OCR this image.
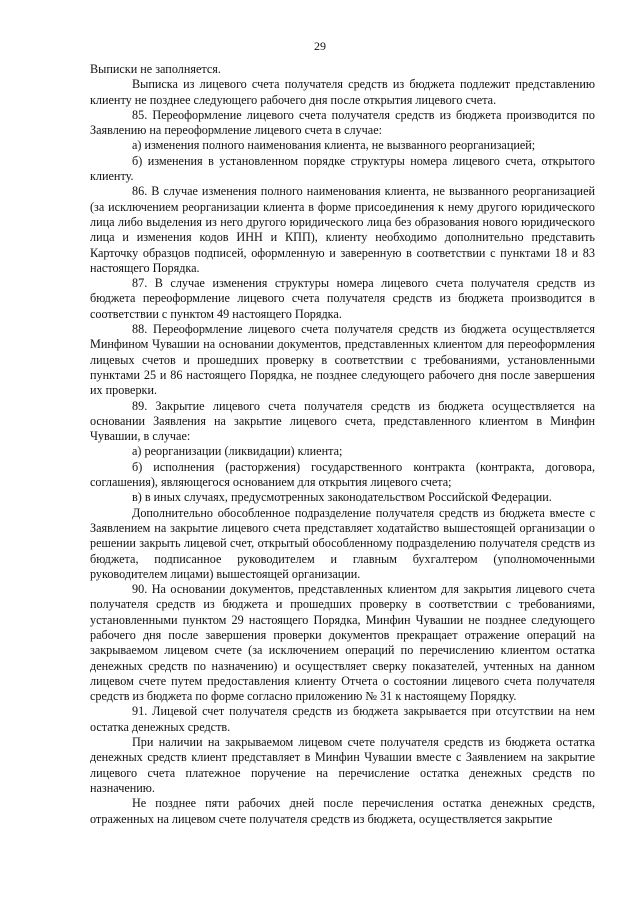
29

Выписки не заполняется.

Выписка из лицевого счета получателя средств из бюджета подлежит представлению клиенту не позднее следующего рабочего дня после открытия лицевого счета.

85. Переоформление лицевого счета получателя средств из бюджета производится по Заявлению на переоформление лицевого счета в случае:

а) изменения полного наименования клиента, не вызванного реорганизацией;

б) изменения в установленном порядке структуры номера лицевого счета, открытого клиенту.

86. В случае изменения полного наименования клиента, не вызванного реорганизацией (за исключением реорганизации клиента в форме присоединения к нему другого юридического лица либо выделения из него другого юридического лица без образования нового юридического лица и изменения кодов ИНН и КПП), клиенту необходимо дополнительно представить Карточку образцов подписей, оформленную и заверенную в соответствии с пунктами 18 и 83 настоящего Порядка.

87. В случае изменения структуры номера лицевого счета получателя средств из бюджета переоформление лицевого счета получателя средств из бюджета производится в соответствии с пунктом 49 настоящего Порядка.

88. Переоформление лицевого счета получателя средств из бюджета осуществляется Минфином Чувашии на основании документов, представленных клиентом для переоформления лицевых счетов и прошедших проверку в соответствии с требованиями, установленными пунктами 25 и 86 настоящего Порядка, не позднее следующего рабочего дня после завершения их проверки.

89. Закрытие лицевого счета получателя средств из бюджета осуществляется на основании Заявления на закрытие лицевого счета, представленного клиентом в Минфин Чувашии, в случае:

а) реорганизации (ликвидации) клиента;

б) исполнения (расторжения) государственного контракта (контракта, договора, соглашения), являющегося основанием для открытия лицевого счета;

в) в иных случаях, предусмотренных законодательством Российской Федерации.

Дополнительно обособленное подразделение получателя средств из бюджета вместе с Заявлением на закрытие лицевого счета представляет ходатайство вышестоящей организации о решении закрыть лицевой счет, открытый обособленному подразделению получателя средств из бюджета, подписанное руководителем и главным бухгалтером (уполномоченными руководителем лицами) вышестоящей организации.

90. На основании документов, представленных клиентом для закрытия лицевого счета получателя средств из бюджета и прошедших проверку в соответствии с требованиями, установленными пунктом 29 настоящего Порядка, Минфин Чувашии не позднее следующего рабочего дня после завершения проверки документов прекращает отражение операций на закрываемом лицевом счете (за исключением операций по перечислению клиентом остатка денежных средств по назначению) и осуществляет сверку показателей, учтенных на данном лицевом счете путем предоставления клиенту Отчета о состоянии лицевого счета получателя средств из бюджета по форме согласно приложению № 31 к настоящему Порядку.

91. Лицевой счет получателя средств из бюджета закрывается при отсутствии на нем остатка денежных средств.

При наличии на закрываемом лицевом счете получателя средств из бюджета остатка денежных средств клиент представляет в Минфин Чувашии вместе с Заявлением на закрытие лицевого счета платежное поручение на перечисление остатка денежных средств по назначению.

Не позднее пяти рабочих дней после перечисления остатка денежных средств, отраженных на лицевом счете получателя средств из бюджета, осуществляется закрытие
